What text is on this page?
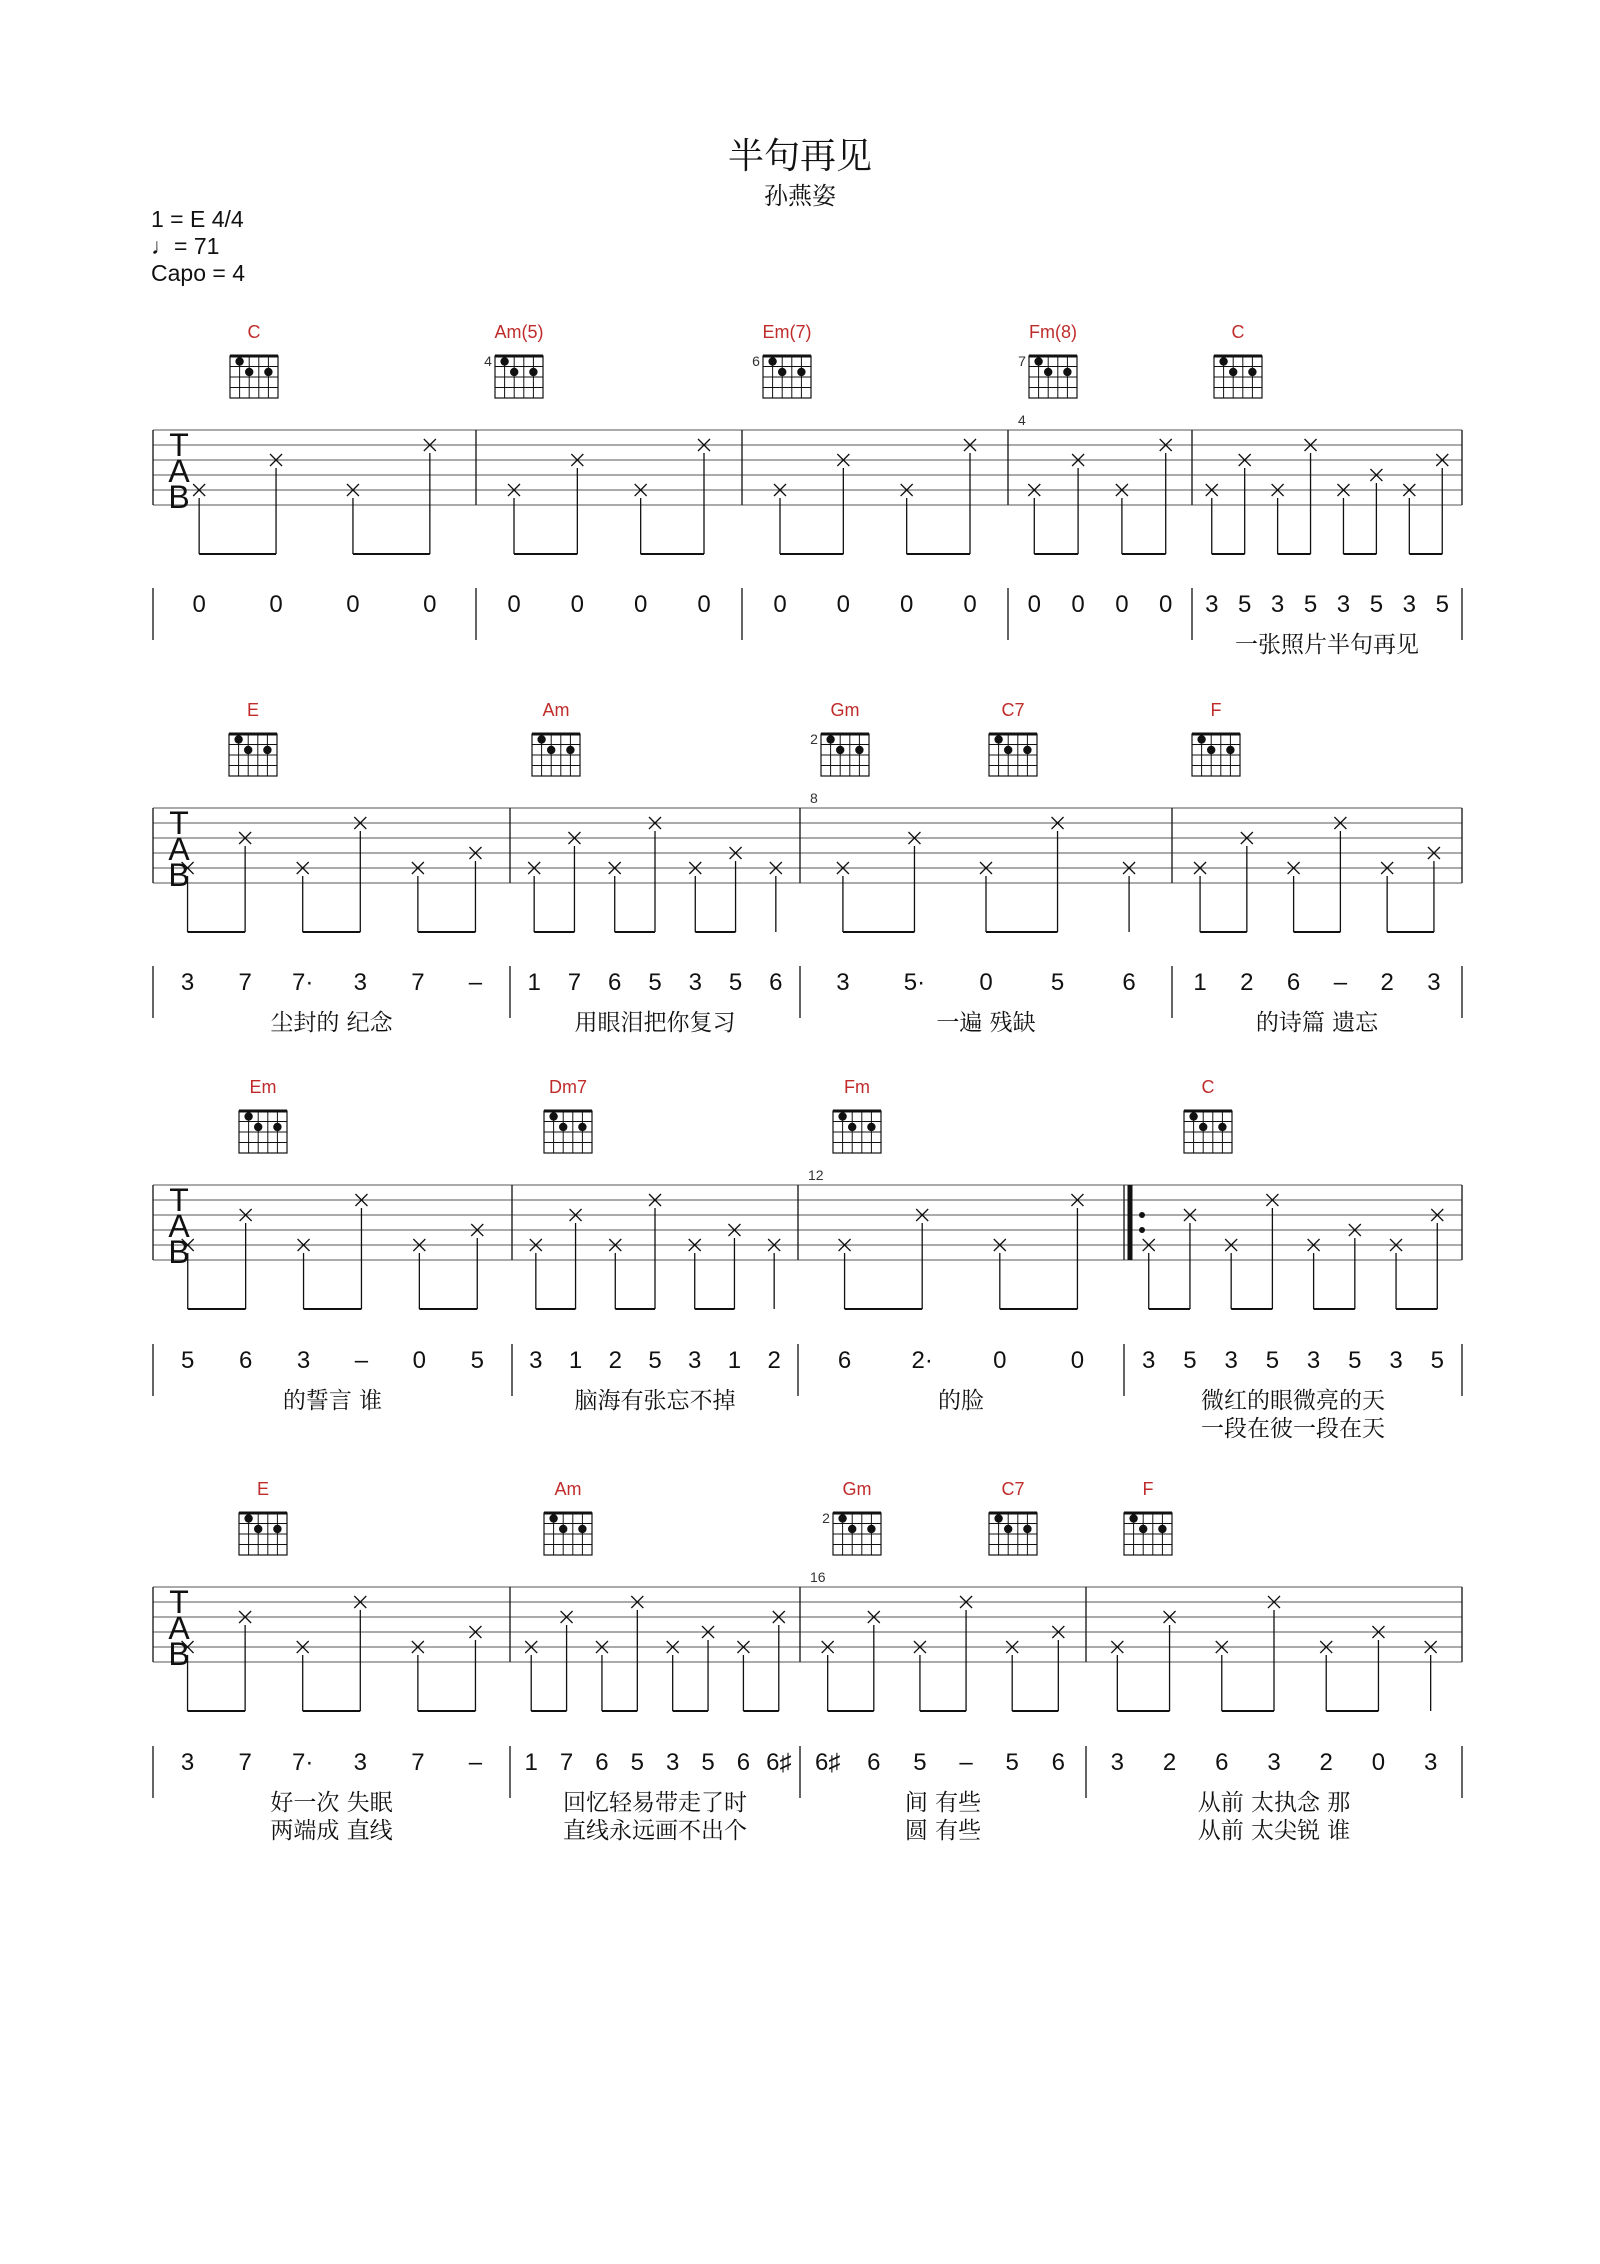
半句再见
孙燕姿
1 = E 4/4
♩= 71
Capo = 4
C	Am(5)
4
Em(7)
6
Fm(8)
7
C
T
A
B
4
0	0	0	0	0 0 0 0	0 0 0 0 0 0 0 0 3 5 3 5 3 5 3 5
一张照片半句再见
E	Am	Gm
2
C7	F
T
A
B
8
3 7 7· 3 7 –
尘封的 纪念
1 7 6 5 3 5 6
用眼泪把你复习
3 5· 0 5 6
一遍 残缺
1 2 6 – 2 3
的诗篇 遗忘
Em	Dm7	Fm	C
T
A
B
12
5 6 3 – 0 5
的誓言 谁
3 1 2 5 3 1 2
脑海有张忘不掉
6	2·	0	0
的脸
3 5 3 5 3 5 3 5
微红的眼微亮的天
一段在彼一段在天
E	Am	Gm
2
C7	F
T
A
B
16
3 7 7· 3 7 –
好一次 失眠
两端成 直线
1 7 6 5 3 5 6 6♯
回忆轻易带走了时
直线永远画不出个
6♯ 6 5 – 5 6
间 有些
圆 有些
3 2 6 3 2 0 3
从前 太执念 那
从前 太尖锐 谁
